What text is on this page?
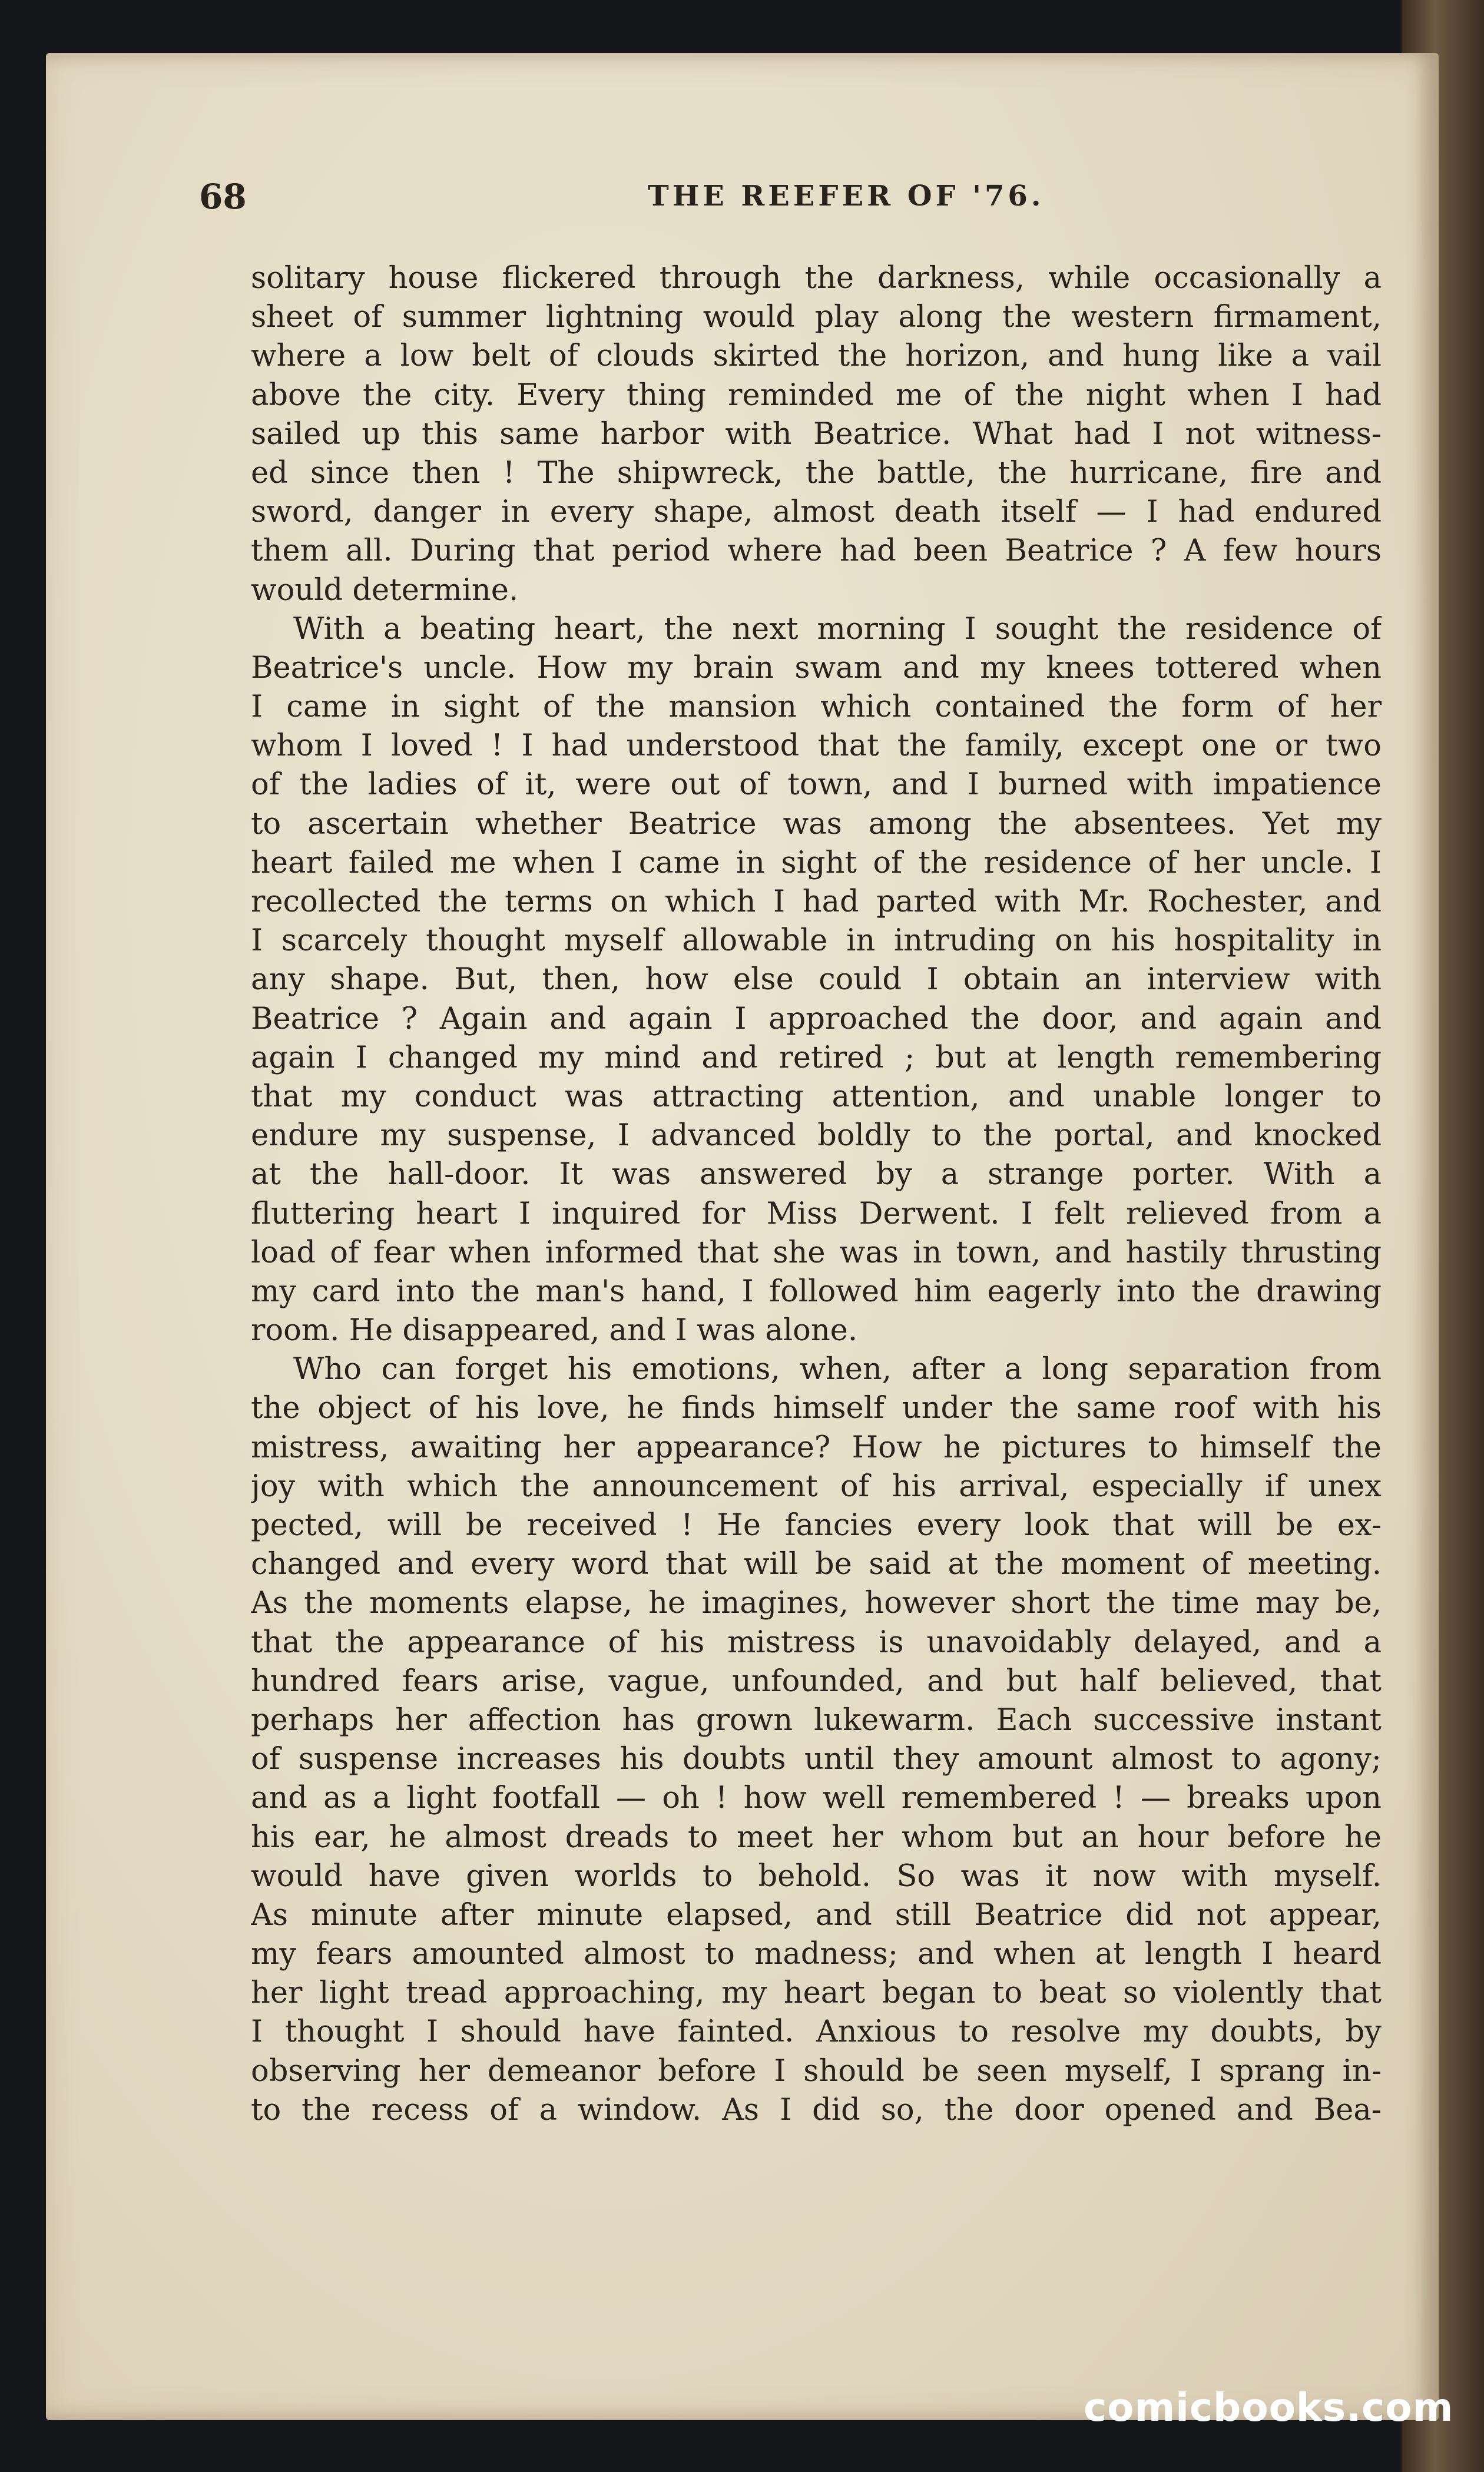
68	THE REEFER OF '76.
solitary house flickered through the darkness, while occasionally a
sheet of summer lightning would play along the western firmament,
where a low belt of clouds skirted the horizon, and hung like a vail
above the city. Every thing reminded me of the night when I had
sailed up this same harbor with Beatrice. What had I not witness-
ed since then ! The shipwreck, the battle, the hurricane, fire and
sword, danger in every shape, almost death itself — I had endured
them all. During that period where had been Beatrice ? A few hours
would determine.
With a beating heart, the next morning I sought the residence of
Beatrice's uncle. How my brain swam and my knees tottered when
I came in sight of the mansion which contained the form of her
whom I loved ! I had understood that the family, except one or two
of the ladies of it, were out of town, and I burned with impatience
to ascertain whether Beatrice was among the absentees. Yet my
heart failed me when I came in sight of the residence of her uncle. I
recollected the terms on which I had parted with Mr. Rochester, and
I scarcely thought myself allowable in intruding on his hospitality in
any shape. But, then, how else could I obtain an interview with
Beatrice ? Again and again I approached the door, and again and
again I changed my mind and retired ; but at length remembering
that my conduct was attracting attention, and unable longer to
endure my suspense, I advanced boldly to the portal, and knocked
at the hall-door. It was answered by a strange porter. With a
fluttering heart I inquired for Miss Derwent. I felt relieved from a
load of fear when informed that she was in town, and hastily thrusting
my card into the man's hand, I followed him eagerly into the drawing
room. He disappeared, and I was alone.
Who can forget his emotions, when, after a long separation from
the object of his love, he finds himself under the same roof with his
mistress, awaiting her appearance? How he pictures to himself the
joy with which the announcement of his arrival, especially if unex
pected, will be received ! He fancies every look that will be ex-
changed and every word that will be said at the moment of meeting.
As the moments elapse, he imagines, however short the time may be,
that the appearance of his mistress is unavoidably delayed, and a
hundred fears arise, vague, unfounded, and but half believed, that
perhaps her affection has grown lukewarm. Each successive instant
of suspense increases his doubts until they amount almost to agony;
and as a light footfall — oh ! how well remembered ! — breaks upon
his ear, he almost dreads to meet her whom but an hour before he
would have given worlds to behold. So was it now with myself.
As minute after minute elapsed, and still Beatrice did not appear,
my fears amounted almost to madness; and when at length I heard
her light tread approaching, my heart began to beat so violently that
I thought I should have fainted. Anxious to resolve my doubts, by
observing her demeanor before I should be seen myself, I sprang in-
to the recess of a window. As I did so, the door opened and Bea-
comicbooks.com
